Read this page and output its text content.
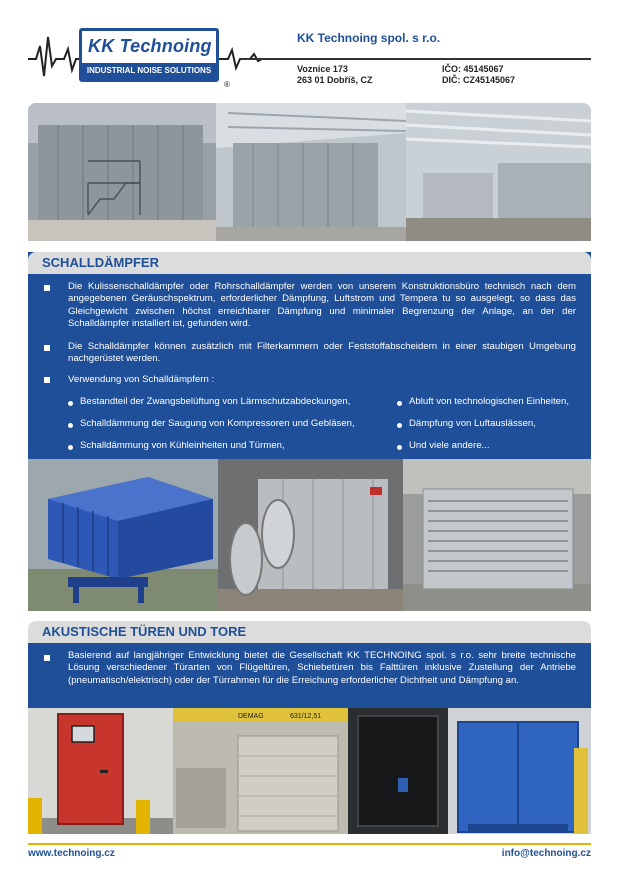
KK Technoing
INDUSTRIAL NOISE SOLUTIONS
®
KK Technoing spol. s r.o.
Voznice 173
263 01 Dobříš, CZ
IČO: 45145067
DIČ: CZ45145067
SCHALLDÄMPFER
Die Kulissenschalldämpfer oder Rohrschalldämpfer werden von unserem Konstruktionsbüro technisch nach dem angegebenen Geräuschspektrum, erforderlicher Dämpfung, Luftstrom und Tempera tu so ausgelegt, so dass das Gleichgewicht zwischen höchst erreichbarer Dämpfung und minimaler Begrenzung der Anlage, an der der Schalldämpfer installiert ist, gefunden wird.
Die Schalldämpfer können zusätzlich mit Filterkammern oder Feststoffabscheidern in einer staubigen Umgebung nachgerüstet werden.
Verwendung von Schalldämpfern :
Bestandteil der Zwangsbelüftung von Lärmschutzabdeckungen,
Schalldämmung der Saugung von Kompressoren und Gebläsen,
Schalldämmung von Kühleinheiten und Türmen,
Abluft von technologischen Einheiten,
Dämpfung von Luftauslässen,
Und viele andere...
AKUSTISCHE TÜREN UND TORE
Basierend auf langjähriger Entwicklung bietet die Gesellschaft KK TECHNOING spol. s r.o. sehr breite technische Lösung verschiedener Türarten von Flügeltüren, Schiebetüren bis Falttüren inklusive Zustellung der Antriebe (pneumatisch/elektrisch) oder der Türrahmen für die Erreichung erforderlicher Dichtheit und Dämpfung an.
DEMAG	631/12,51
www.technoing.cz	info@technoing.cz
